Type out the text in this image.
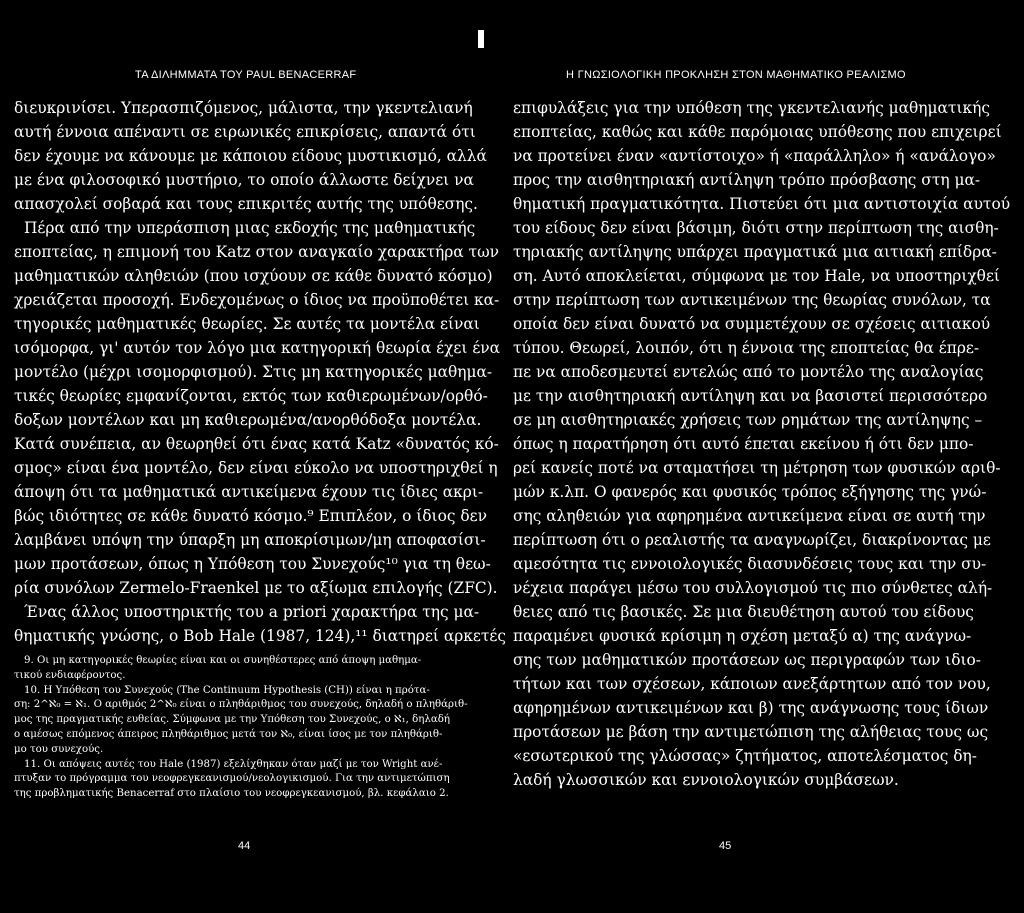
ΤΑ ΔΙΛΗΜΜΑΤΑ ΤΟΥ PAUL BENACERRAF
διευκρινίσει. Υπερασπιζόμενος, μάλιστα, την γκεντελιανή
αυτή έννοια απέναντι σε ειρωνικές επικρίσεις, απαντά ότι
δεν έχουμε να κάνουμε με κάποιου είδους μυστικισμό, αλλά
με ένα φιλοσοφικό μυστήριο, το οποίο άλλωστε δείχνει να
απασχολεί σοβαρά και τους επικριτές αυτής της υπόθεσης.
Πέρα από την υπεράσπιση μιας εκδοχής της μαθηματικής
εποπτείας, η επιμονή του Katz στον αναγκαίο χαρακτήρα των
μαθηματικών αληθειών (που ισχύουν σε κάθε δυνατό κόσμο)
χρειάζεται προσοχή. Ενδεχομένως ο ίδιος να προϋποθέτει κα-
τηγορικές μαθηματικές θεωρίες. Σε αυτές τα μοντέλα είναι
ισόμορφα, γι' αυτόν τον λόγο μια κατηγορική θεωρία έχει ένα
μοντέλο (μέχρι ισομορφισμού). Στις μη κατηγορικές μαθημα-
τικές θεωρίες εμφανίζονται, εκτός των καθιερωμένων/ορθό-
δοξων μοντέλων και μη καθιερωμένα/ανορθόδοξα μοντέλα.
Κατά συνέπεια, αν θεωρηθεί ότι ένας κατά Katz «δυνατός κό-
σμος» είναι ένα μοντέλο, δεν είναι εύκολο να υποστηριχθεί η
άποψη ότι τα μαθηματικά αντικείμενα έχουν τις ίδιες ακρι-
βώς ιδιότητες σε κάθε δυνατό κόσμο.⁹ Επιπλέον, ο ίδιος δεν
λαμβάνει υπόψη την ύπαρξη μη αποκρίσιμων/μη αποφασίσι-
μων προτάσεων, όπως η Υπόθεση του Συνεχούς¹⁰ για τη θεω-
ρία συνόλων Zermelo-Fraenkel με το αξίωμα επιλογής (ZFC).
Ένας άλλος υποστηρικτής του a priori χαρακτήρα της μα-
θηματικής γνώσης, ο Bob Hale (1987, 124),¹¹ διατηρεί αρκετές
9. Οι μη κατηγορικές θεωρίες είναι και οι συνηθέστερες από άποψη μαθημα-
τικού ενδιαφέροντος.
10. Η Υπόθεση του Συνεχούς (The Continuum Hypothesis (CH)) είναι η πρότα-
ση: 2^ℵ₀ = ℵ₁. Ο αριθμός 2^ℵ₀ είναι ο πληθάριθμος του συνεχούς, δηλαδή ο πληθάριθ-
μος της πραγματικής ευθείας. Σύμφωνα με την Υπόθεση του Συνεχούς, ο ℵ₁, δηλαδή
ο αμέσως επόμενος άπειρος πληθάριθμος μετά τον ℵ₀, είναι ίσος με τον πληθάριθ-
μο του συνεχούς.
11. Οι απόψεις αυτές του Hale (1987) εξελίχθηκαν όταν μαζί με τον Wright ανέ-
πτυξαν το πρόγραμμα του νεοφρεγκεανισμού/νεολογικισμού. Για την αντιμετώπιση
της προβληματικής Benacerraf στο πλαίσιο του νεοφρεγκεανισμού, βλ. κεφάλαιο 2.
44
Η ΓΝΩΣΙΟΛΟΓΙΚΗ ΠΡΟΚΛΗΣΗ ΣΤΟΝ ΜΑΘΗΜΑΤΙΚΟ ΡΕΑΛΙΣΜΟ
επιφυλάξεις για την υπόθεση της γκεντελιανής μαθηματικής
εποπτείας, καθώς και κάθε παρόμοιας υπόθεσης που επιχειρεί
να προτείνει έναν «αντίστοιχο» ή «παράλληλο» ή «ανάλογο»
προς την αισθητηριακή αντίληψη τρόπο πρόσβασης στη μα-
θηματική πραγματικότητα. Πιστεύει ότι μια αντιστοιχία αυτού
του είδους δεν είναι βάσιμη, διότι στην περίπτωση της αισθη-
τηριακής αντίληψης υπάρχει πραγματικά μια αιτιακή επίδρα-
ση. Αυτό αποκλείεται, σύμφωνα με τον Hale, να υποστηριχθεί
στην περίπτωση των αντικειμένων της θεωρίας συνόλων, τα
οποία δεν είναι δυνατό να συμμετέχουν σε σχέσεις αιτιακού
τύπου. Θεωρεί, λοιπόν, ότι η έννοια της εποπτείας θα έπρε-
πε να αποδεσμευτεί εντελώς από το μοντέλο της αναλογίας
με την αισθητηριακή αντίληψη και να βασιστεί περισσότερο
σε μη αισθητηριακές χρήσεις των ρημάτων της αντίληψης –
όπως η παρατήρηση ότι αυτό έπεται εκείνου ή ότι δεν μπο-
ρεί κανείς ποτέ να σταματήσει τη μέτρηση των φυσικών αριθ-
μών κ.λπ. Ο φανερός και φυσικός τρόπος εξήγησης της γνώ-
σης αληθειών για αφηρημένα αντικείμενα είναι σε αυτή την
περίπτωση ότι ο ρεαλιστής τα αναγνωρίζει, διακρίνοντας με
αμεσότητα τις εννοιολογικές διασυνδέσεις τους και την συ-
νέχεια παράγει μέσω του συλλογισμού τις πιο σύνθετες αλή-
θειες από τις βασικές. Σε μια διευθέτηση αυτού του είδους
παραμένει φυσικά κρίσιμη η σχέση μεταξύ α) της ανάγνω-
σης των μαθηματικών προτάσεων ως περιγραφών των ιδιο-
τήτων και των σχέσεων, κάποιων ανεξάρτητων από τον νου,
αφηρημένων αντικειμένων και β) της ανάγνωσης τους ίδιων
προτάσεων με βάση την αντιμετώπιση της αλήθειας τους ως
«εσωτερικού της γλώσσας» ζητήματος, αποτελέσματος δη-
λαδή γλωσσικών και εννοιολογικών συμβάσεων.
45
